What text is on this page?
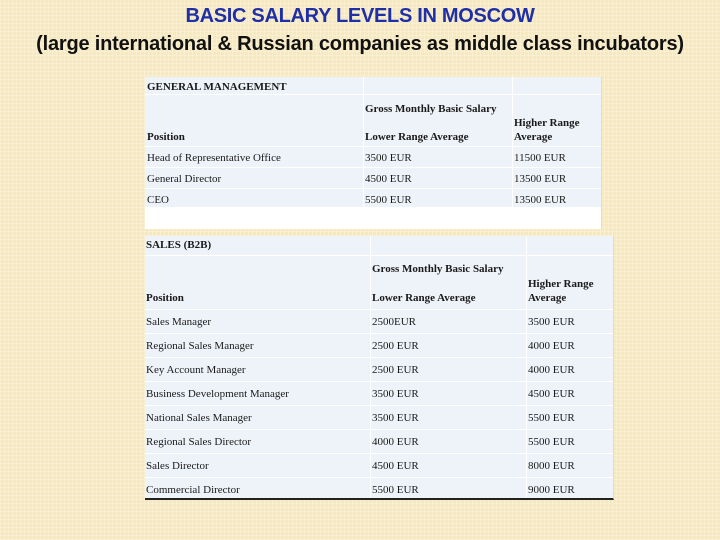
BASIC SALARY LEVELS IN MOSCOW
(large international & Russian companies as middle class incubators)
GENERAL MANAGEMENT
Gross Monthly Basic Salary
Higher Range
Position	Lower Range Average	Average
Head of Representative Office	3500 EUR	11500 EUR
General Director	4500 EUR	13500 EUR
CEO	5500 EUR	13500 EUR
SALES (B2B)
Gross Monthly Basic Salary
Higher Range
Position	Lower Range Average	Average
Sales Manager	2500EUR	3500 EUR
Regional Sales Manager	2500 EUR	4000 EUR
Key Account Manager	2500 EUR	4000 EUR
Business Development Manager	3500 EUR	4500 EUR
National Sales Manager	3500 EUR	5500 EUR
Regional Sales Director	4000 EUR	5500 EUR
Sales Director	4500 EUR	8000 EUR
Commercial Director	5500 EUR	9000 EUR
